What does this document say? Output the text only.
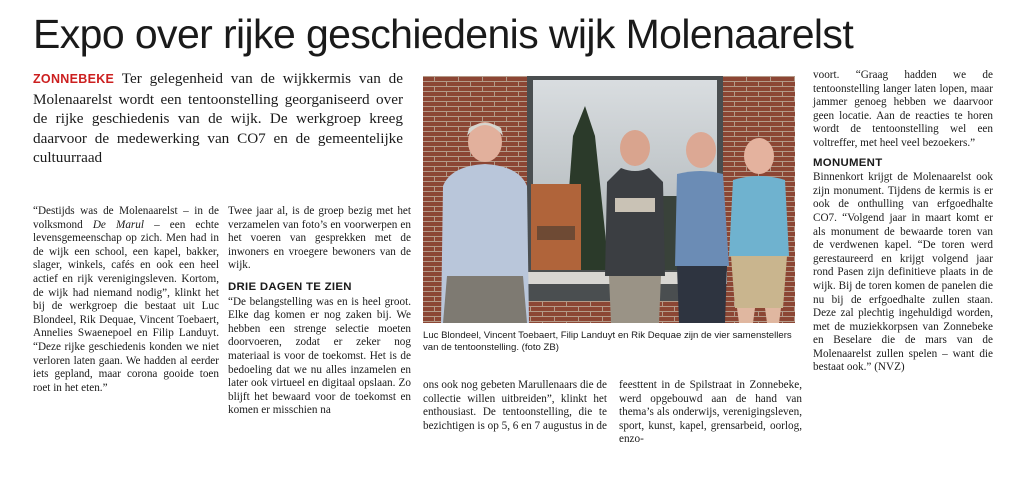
Expo over rijke geschiedenis wijk Molenaarelst
ZONNEBEKE Ter gelegenheid van de wijkkermis van de Molenaarelst wordt een tentoonstelling georganiseerd over de rijke geschiedenis van de wijk. De werkgroep kreeg daarvoor de medewerking van CO7 en de gemeentelijke cultuurraad

“Destijds was de Molenaarelst – in de volksmond De Marul – een echte levensgemeenschap op zich. Men had in de wijk een school, een kapel, bakker, slager, winkels, cafés en ook een heel actief en rijk verenigingsleven. Kortom, de wijk had niemand nodig”, klinkt het bij de werkgroep die bestaat uit Luc Blondeel, Rik Dequae, Vincent Toebaert, Annelies Swaenepoel en Filip Landuyt. “Deze rijke geschiedenis konden we niet verloren laten gaan. We hadden al eerder iets gepland, maar corona gooide toen roet in het eten.”

Twee jaar al, is de groep bezig met het verzamelen van foto’s en voorwerpen en het voeren van gesprekken met de inwoners en vroegere bewoners van de wijk.

DRIE DAGEN TE ZIEN

“De belangstelling was en is heel groot. Elke dag komen er nog zaken bij. We hebben een strenge selectie moeten doorvoeren, zodat er zeker nog materiaal is voor de toekomst. Het is de bedoeling dat we nu alles inzamelen en later ook virtueel en digitaal opslaan. Zo blijft het bewaard voor de toekomst en komen er misschien na

Luc Blondeel, Vincent Toebaert, Filip Landuyt en Rik Dequae zijn de vier samenstellers van de tentoonstelling. (foto ZB)

ons ook nog gebeten Marullenaars die de collectie willen uitbreiden”, klinkt het enthousiast. De tentoonstelling, die te bezichtigen is op 5, 6 en 7 augustus in de

feesttent in de Spilstraat in Zonnebeke, werd opgebouwd aan de hand van thema’s als onderwijs, verenigingsleven, sport, kunst, kapel, grensarbeid, oorlog, enzo-

voort. “Graag hadden we de tentoonstelling langer laten lopen, maar jammer genoeg hebben we daarvoor geen locatie. Aan de reacties te horen wordt de tentoonstelling wel een voltreffer, met heel veel bezoekers.”

MONUMENT

Binnenkort krijgt de Molenaarelst ook zijn monument. Tijdens de kermis is er ook de onthulling van erfgoedhalte CO7. “Volgend jaar in maart komt er als monument de bewaarde toren van de verdwenen kapel. “De toren werd gerestaureerd en krijgt volgend jaar rond Pasen zijn definitieve plaats in de wijk. Bij de toren komen de panelen die nu bij de erfgoedhalte zullen staan. Deze zal plechtig ingehuldigd worden, met de muziekkorpsen van Zonnebeke en Beselare die de mars van de Molenaarelst zullen spelen – want die bestaat ook.” (NVZ)
